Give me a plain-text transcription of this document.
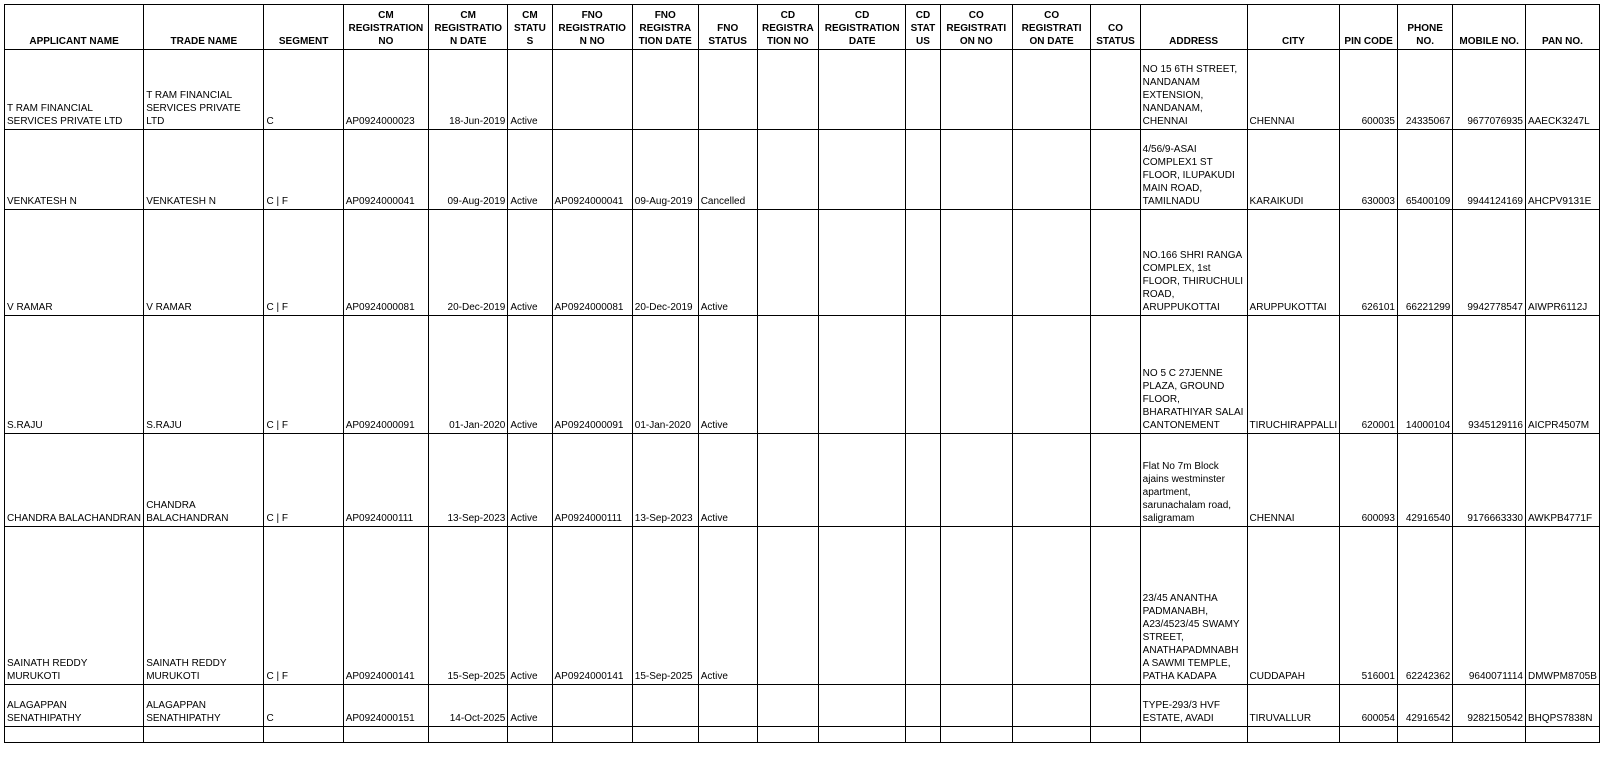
APPLICANT NAME	TRADE NAME	SEGMENT	CM REGISTRATION NO	CM REGISTRATIO N DATE	CM STATU S	FNO REGISTRATIO N NO	FNO REGISTRA TION DATE	FNO STATUS	CD REGISTRA TION NO	CD REGISTRATION DATE	CD STAT US	CO REGISTRATI ON NO	CO REGISTRATI ON DATE	CO STATUS	ADDRESS	CITY	PIN CODE	PHONE NO.	MOBILE NO.	PAN NO.
T RAM FINANCIAL SERVICES PRIVATE LTD	T RAM FINANCIAL SERVICES PRIVATE LTD	C	AP0924000023	18-Jun-2019	Active										NO 15 6TH STREET, NANDANAM EXTENSION, NANDANAM, CHENNAI	CHENNAI	600035	24335067	9677076935	AAECK3247L
VENKATESH N	VENKATESH N	C | F	AP0924000041	09-Aug-2019	Active	AP0924000041	09-Aug-2019	Cancelled							4/56/9-ASAI COMPLEX1 ST FLOOR, ILUPAKUDI MAIN ROAD, TAMILNADU	KARAIKUDI	630003	65400109	9944124169	AHCPV9131E
V RAMAR	V RAMAR	C | F	AP0924000081	20-Dec-2019	Active	AP0924000081	20-Dec-2019	Active							NO.166 SHRI RANGA COMPLEX, 1st FLOOR, THIRUCHULI ROAD, ARUPPUKOTTAI	ARUPPUKOTTAI	626101	66221299	9942778547	AIWPR6112J
S.RAJU	S.RAJU	C | F	AP0924000091	01-Jan-2020	Active	AP0924000091	01-Jan-2020	Active							NO 5 C 27JENNE PLAZA, GROUND FLOOR, BHARATHIYAR SALAI CANTONEMENT	TIRUCHIRAPPALLI	620001	14000104	9345129116	AICPR4507M
CHANDRA BALACHANDRAN	CHANDRA BALACHANDRAN	C | F	AP0924000111	13-Sep-2023	Active	AP0924000111	13-Sep-2023	Active							Flat No 7m Block ajains westminster apartment, sarunachalam road, saligramam	CHENNAI	600093	42916540	9176663330	AWKPB4771F
SAINATH REDDY MURUKOTI	SAINATH REDDY MURUKOTI	C | F	AP0924000141	15-Sep-2025	Active	AP0924000141	15-Sep-2025	Active							23/45 ANANTHA PADMANABH, A23/4523/45 SWAMY STREET, ANATHAPADMNABHA SAWMI TEMPLE, PATHA KADAPA	CUDDAPAH	516001	62242362	9640071114	DMWPM8705B
ALAGAPPAN SENATHIPATHY	ALAGAPPAN SENATHIPATHY	C	AP0924000151	14-Oct-2025	Active										TYPE-293/3 HVF ESTATE, AVADI	TIRUVALLUR	600054	42916542	9282150542	BHQPS7838N
